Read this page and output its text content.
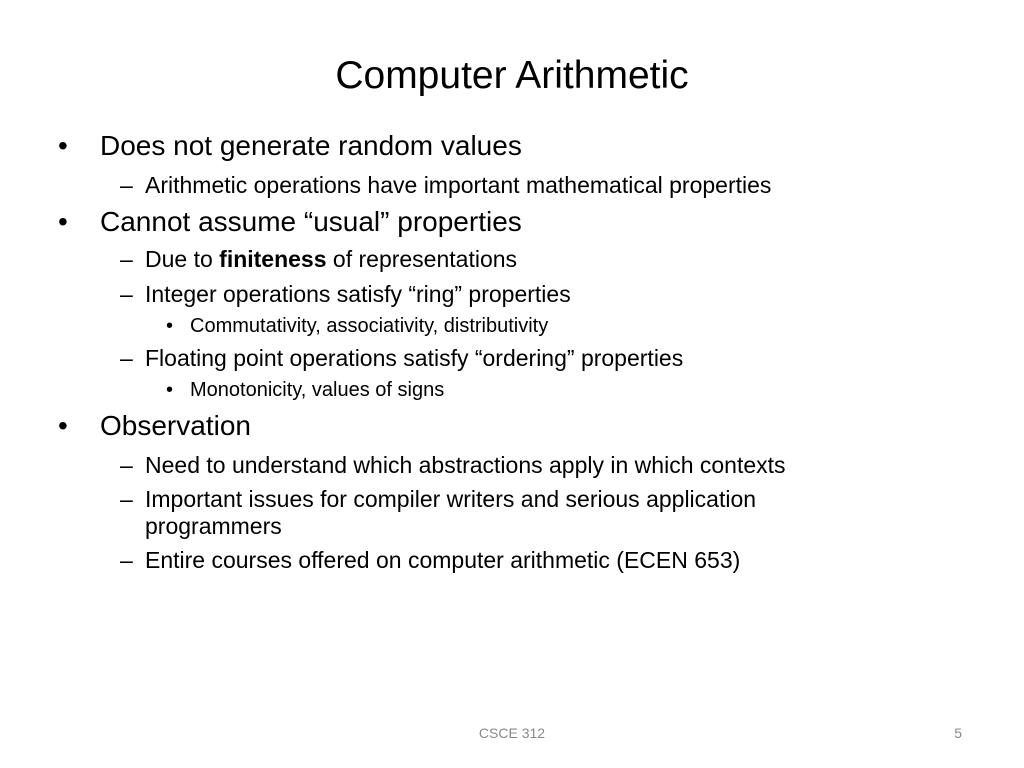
Computer Arithmetic
• Does not generate random values
– Arithmetic operations have important mathematical properties
• Cannot assume “usual” properties
– Due to finiteness of representations
– Integer operations satisfy “ring” properties
• Commutativity, associativity, distributivity
– Floating point operations satisfy “ordering” properties
• Monotonicity, values of signs
• Observation
– Need to understand which abstractions apply in which contexts
– Important issues for compiler writers and serious application
programmers
– Entire courses offered on computer arithmetic (ECEN 653)
CSCE 312	5
